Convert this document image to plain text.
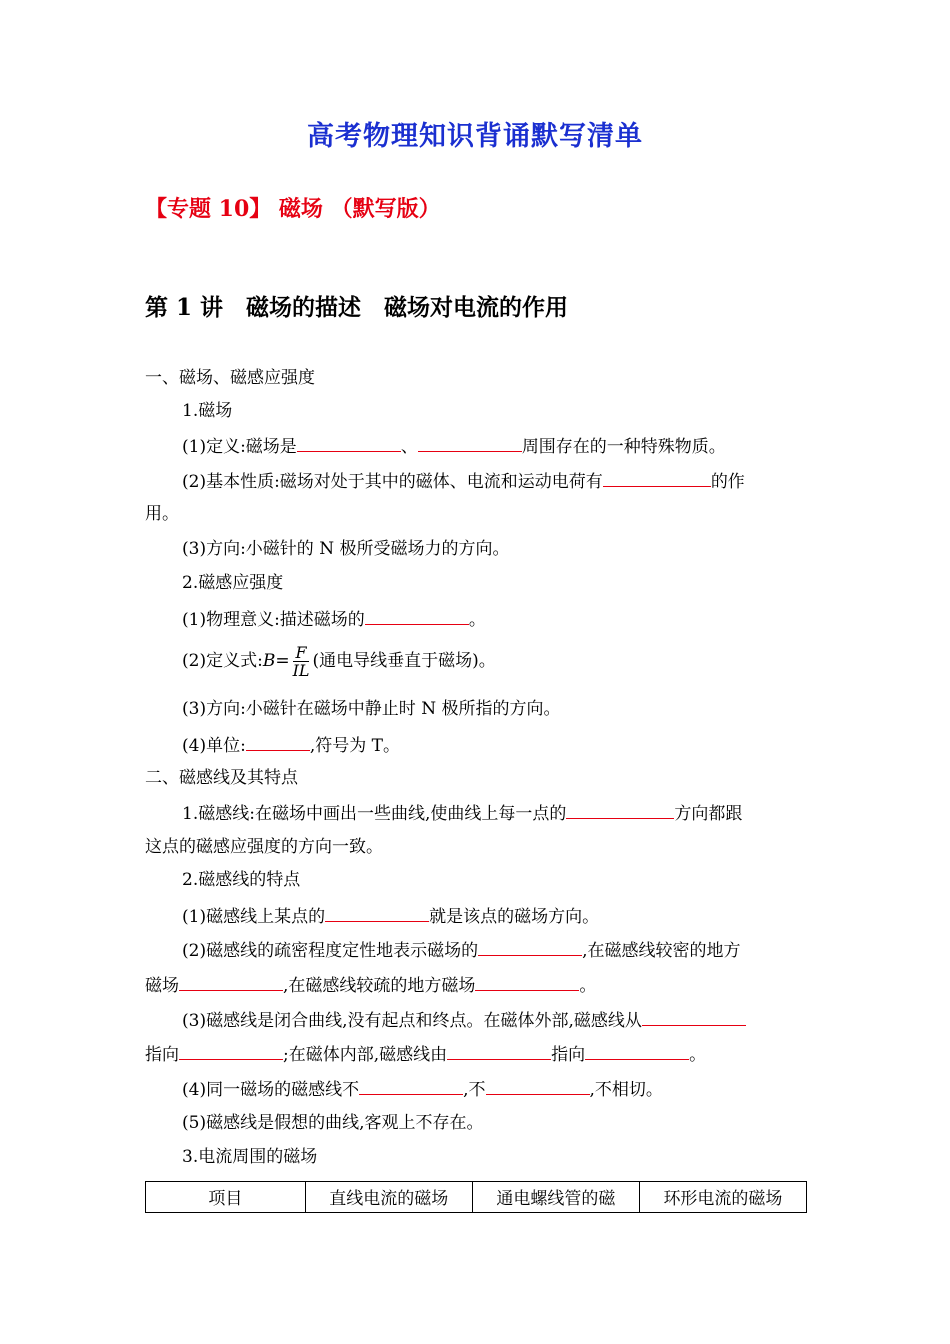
高考物理知识背诵默写清单
【专题 10】 磁场 （默写版）
第 1 讲　磁场的描述　磁场对电流的作用
一、磁场、磁感应强度
1.磁场
(1)定义:磁场是	、	周围存在的一种特殊物质。
(2)基本性质:磁场对处于其中的磁体、电流和运动电荷有	的作
用。
(3)方向:小磁针的 N 极所受磁场力的方向。
2.磁感应强度
(1)物理意义:描述磁场的	。
(2)定义式:B= $\frac{F}{IL}$ (通电导线垂直于磁场)。
(3)方向:小磁针在磁场中静止时 N 极所指的方向。
(4)单位:	,符号为 T。
二、磁感线及其特点
1.磁感线:在磁场中画出一些曲线,使曲线上每一点的	方向都跟
这点的磁感应强度的方向一致。
2.磁感线的特点
(1)磁感线上某点的	就是该点的磁场方向。
(2)磁感线的疏密程度定性地表示磁场的	,在磁感线较密的地方
磁场	,在磁感线较疏的地方磁场	。
(3)磁感线是闭合曲线,没有起点和终点。在磁体外部,磁感线从
指向	;在磁体内部,磁感线由	指向	。
(4)同一磁场的磁感线不	,不	,不相切。
(5)磁感线是假想的曲线,客观上不存在。
3.电流周围的磁场
项目	直线电流的磁场	通电螺线管的磁	环形电流的磁场
